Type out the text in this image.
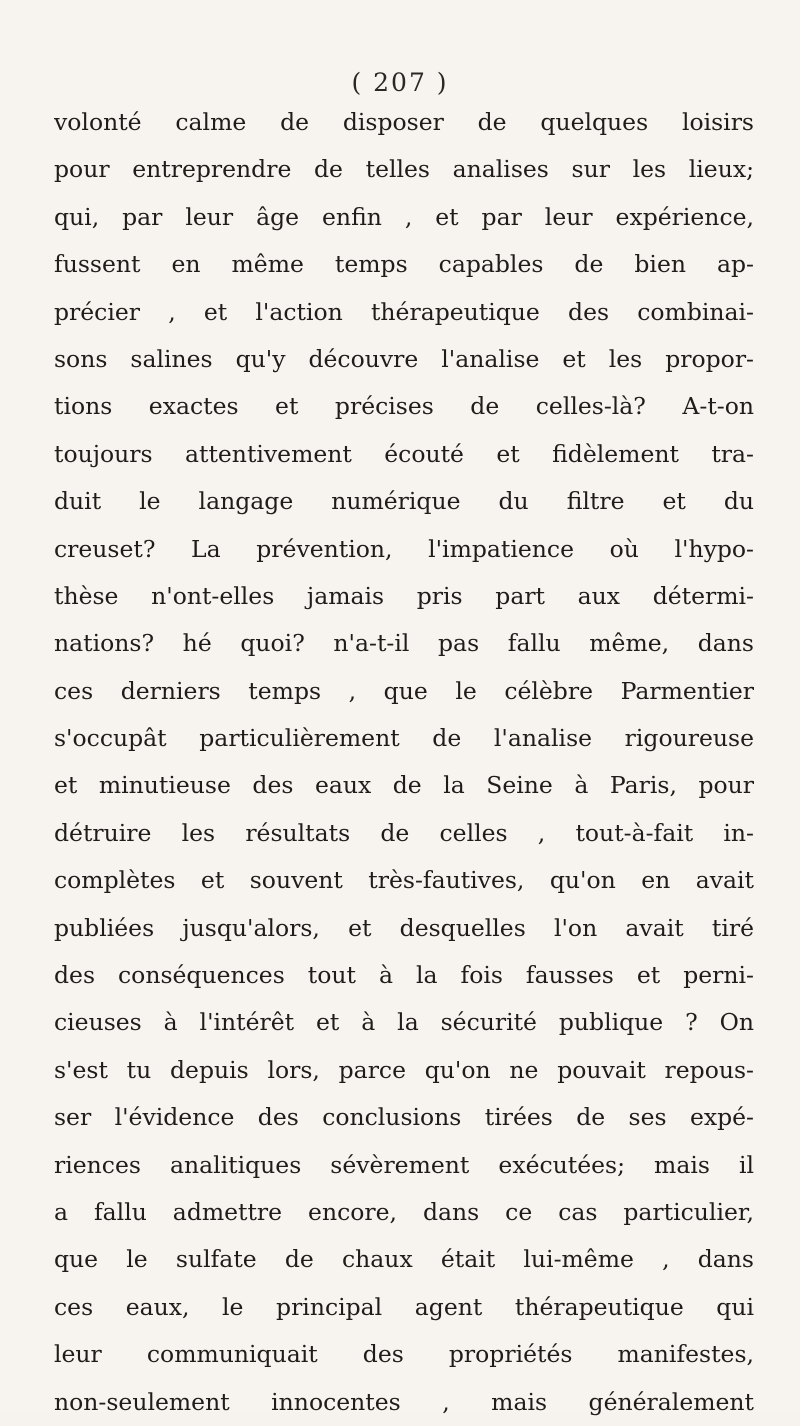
( 207 )
volonté calme de disposer de quelques loisirs
pour entreprendre de telles analises sur les lieux;
qui, par leur âge enfin , et par leur expérience,
fussent en même temps capables de bien ap-
précier , et l'action thérapeutique des combinai-
sons salines qu'y découvre l'analise et les propor-
tions exactes et précises de celles-là? A-t-on
toujours attentivement écouté et fidèlement tra-
duit le langage numérique du filtre et du
creuset? La prévention, l'impatience où l'hypo-
thèse n'ont-elles jamais pris part aux détermi-
nations? hé quoi? n'a-t-il pas fallu même, dans
ces derniers temps , que le célèbre Parmentier
s'occupât particulièrement de l'analise rigoureuse
et minutieuse des eaux de la Seine à Paris, pour
détruire les résultats de celles , tout-à-fait in-
complètes et souvent très-fautives, qu'on en avait
publiées jusqu'alors, et desquelles l'on avait tiré
des conséquences tout à la fois fausses et perni-
cieuses à l'intérêt et à la sécurité publique ? On
s'est tu depuis lors, parce qu'on ne pouvait repous-
ser l'évidence des conclusions tirées de ses expé-
riences analitiques sévèrement exécutées; mais il
a fallu admettre encore, dans ce cas particulier,
que le sulfate de chaux était lui-même , dans
ces eaux, le principal agent thérapeutique qui
leur communiquait des propriétés manifestes,
non-seulement innocentes , mais généralement
